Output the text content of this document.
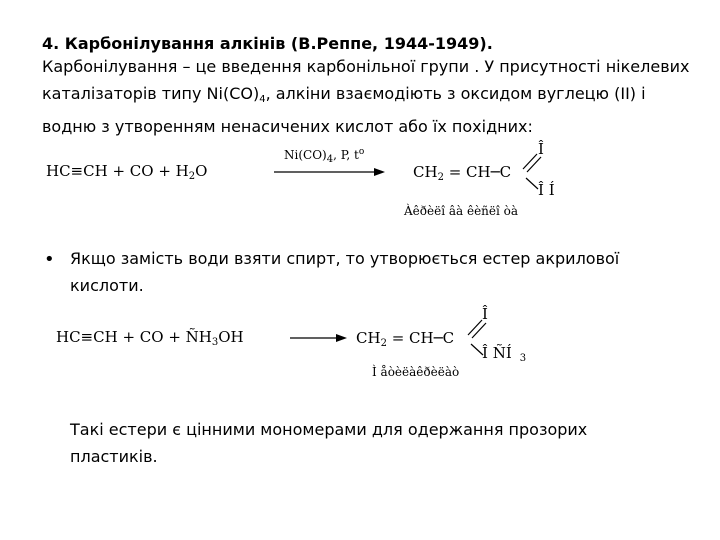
4. Карбонілування алкінів (В.Реппе, 1944-1949).
Карбонілування – це введення карбонільної групи . У присутності нікелевих каталізаторів типу $Ni(CO)_4$, алкіни взаємодіють з оксидом вуглецю (II) і водню з утворенням ненасичених кислот або їх похідних:
HC≡CH + CO + $H_2O$
$Ni(CO)_4$, P, $t^o$
$CH_2$ = CH─C
Î
Î Í
Àêðèëî âà êèñëî òà
• Якщо замість води взяти спирт, то утворюється естер акрилової кислоти.
HC≡CH + CO + $ÑH_3OH$	$CH_2$ = CH─C
Î
Î ÑÍ $_3$
Ì åòèëàêðèëàò
Такі естери є цінними мономерами для одержання прозорих пластиків.
